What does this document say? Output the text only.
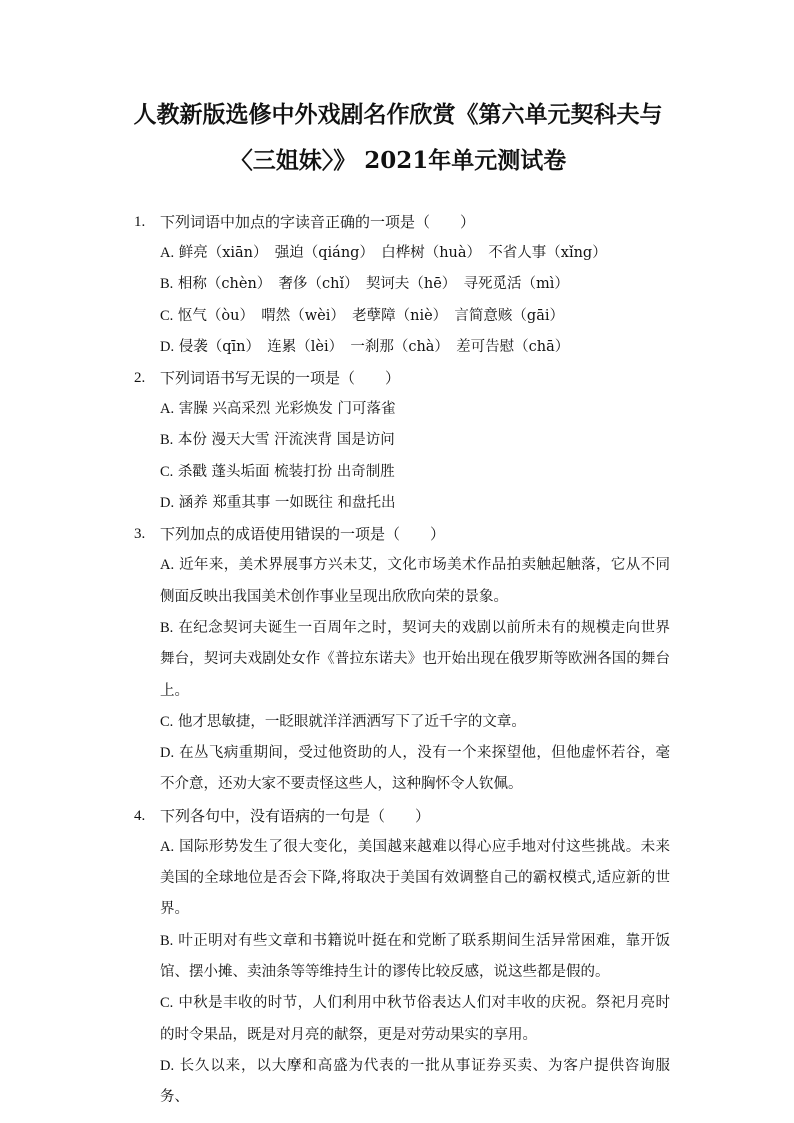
人教新版选修中外戏剧名作欣赏《第六单元契科夫与〈三姐妹〉》 2021年单元测试卷
1. 下列词语中加点的字读音正确的一项是（　　）
A. 鲜亮（xiān）　强迫（qiáng）　白桦树（huà）　不省人事（xǐng）
B. 相称（chèn）　奢侈（chǐ）　契诃夫（hē）　寻死觅活（mì）
C. 怄气（òu）　喟然（wèi）　老孽障（niè）　言简意赅（gāi）
D. 侵袭（qīn）　连累（lèi）　一刹那（chà）　差可告慰（chā）
2. 下列词语书写无误的一项是（　　）
A. 害臊 兴高采烈 光彩焕发 门可落雀
B. 本份 漫天大雪 汗流浃背 国是访问
C. 杀戳 蓬头垢面 梳装打扮 出奇制胜
D. 涵养 郑重其事 一如既往 和盘托出
3. 下列加点的成语使用错误的一项是（　　）
A. 近年来，美术界展事方兴未艾，文化市场美术作品拍卖触起触落，它从不同侧面反映出我国美术创作事业呈现出欣欣向荣的景象。
B. 在纪念契诃夫诞生一百周年之时，契诃夫的戏剧以前所未有的规模走向世界舞台，契诃夫戏剧处女作《普拉东诺夫》也开始出现在俄罗斯等欧洲各国的舞台上。
C. 他才思敏捷，一眨眼就洋洋洒洒写下了近千字的文章。
D. 在丛飞病重期间，受过他资助的人，没有一个来探望他，但他虚怀若谷，毫不介意，还劝大家不要责怪这些人，这种胸怀令人钦佩。
4. 下列各句中，没有语病的一句是（　　）
A. 国际形势发生了很大变化，美国越来越难以得心应手地对付这些挑战。未来美国的全球地位是否会下降,将取决于美国有效调整自己的霸权模式,适应新的世界。
B. 叶正明对有些文章和书籍说叶挺在和党断了联系期间生活异常困难，靠开饭馆、摆小摊、卖油条等等维持生计的谬传比较反感，说这些都是假的。
C. 中秋是丰收的时节，人们利用中秋节俗表达人们对丰收的庆祝。祭祀月亮时的时令果品，既是对月亮的献祭，更是对劳动果实的享用。
D. 长久以来，以大摩和高盛为代表的一批从事证券买卖、为客户提供咨询服务、
